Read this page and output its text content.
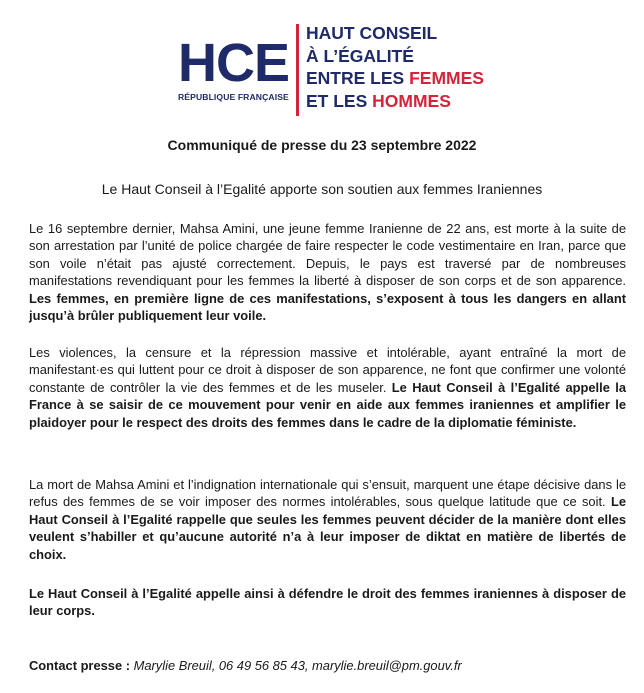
HCE
RÉPUBLIQUE FRANÇAISE
HAUT CONSEIL
À L’ÉGALITÉ
ENTRE LES FEMMES
ET LES HOMMES
Communiqué de presse du 23 septembre 2022
Le Haut Conseil à l’Egalité apporte son soutien aux femmes Iraniennes

Le 16 septembre dernier, Mahsa Amini, une jeune femme Iranienne de 22 ans, est morte à la suite de son arrestation par l’unité de police chargée de faire respecter le code vestimentaire en Iran, parce que son voile n’était pas ajusté correctement. Depuis, le pays est traversé par de nombreuses manifestations revendiquant pour les femmes la liberté à disposer de son corps et de son apparence. Les femmes, en première ligne de ces manifestations, s’exposent à tous les dangers en allant jusqu’à brûler publiquement leur voile.

Les violences, la censure et la répression massive et intolérable, ayant entraîné la mort de manifestant·es qui luttent pour ce droit à disposer de son apparence, ne font que confirmer une volonté constante de contrôler la vie des femmes et de les museler. Le Haut Conseil à l’Egalité appelle la France à se saisir de ce mouvement pour venir en aide aux femmes iraniennes et amplifier le plaidoyer pour le respect des droits des femmes dans le cadre de la diplomatie féministe.

La mort de Mahsa Amini et l’indignation internationale qui s’ensuit, marquent une étape décisive dans le refus des femmes de se voir imposer des normes intolérables, sous quelque latitude que ce soit. Le Haut Conseil à l’Egalité rappelle que seules les femmes peuvent décider de la manière dont elles veulent s’habiller et qu’aucune autorité n’a à leur imposer de diktat en matière de libertés de choix.

Le Haut Conseil à l’Egalité appelle ainsi à défendre le droit des femmes iraniennes à disposer de leur corps.

Contact presse : Marylie Breuil, 06 49 56 85 43, marylie.breuil@pm.gouv.fr
